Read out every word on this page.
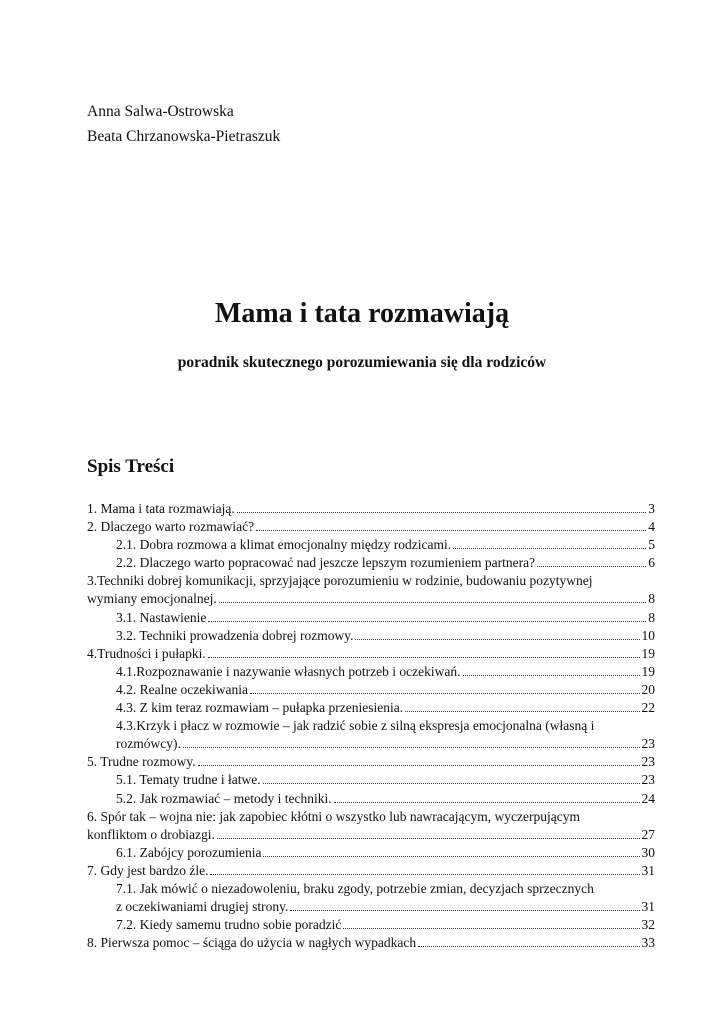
Anna Salwa-Ostrowska
Beata Chrzanowska-Pietraszuk
Mama i tata rozmawiają
poradnik skutecznego porozumiewania się dla rodziców
Spis Treści
1. Mama i tata rozmawiają.	3
2. Dlaczego warto rozmawiać?	4
2.1. Dobra rozmowa a klimat emocjonalny między rodzicami.	5
2.2. Dlaczego warto popracować nad jeszcze lepszym rozumieniem partnera?	6
3.Techniki dobrej komunikacji, sprzyjające porozumieniu w rodzinie, budowaniu pozytywnej
wymiany emocjonalnej.	8
3.1. Nastawienie	8
3.2. Techniki prowadzenia dobrej rozmowy.	10
4.Trudności i pułapki.	19
4.1.Rozpoznawanie i nazywanie własnych potrzeb i oczekiwań.	19
4.2. Realne oczekiwania	20
4.3. Z kim teraz rozmawiam – pułapka przeniesienia.	22
4.3.Krzyk i płacz w rozmowie – jak radzić sobie z silną ekspresja emocjonalna (własną i
rozmówcy).	23
5. Trudne rozmowy.	23
5.1. Tematy trudne i łatwe.	23
5.2. Jak rozmawiać – metody i techniki.	24
6. Spór tak – wojna nie: jak zapobiec kłótni o wszystko lub nawracającym, wyczerpującym
konfliktom o drobiazgi.	27
6.1. Zabójcy porozumienia	30
7. Gdy jest bardzo źle.	31
7.1. Jak mówić o niezadowoleniu, braku zgody, potrzebie zmian, decyzjach sprzecznych
z oczekiwaniami drugiej strony.	31
7.2. Kiedy samemu trudno sobie poradzić	32
8. Pierwsza pomoc – ściąga do użycia w nagłych wypadkach	33
